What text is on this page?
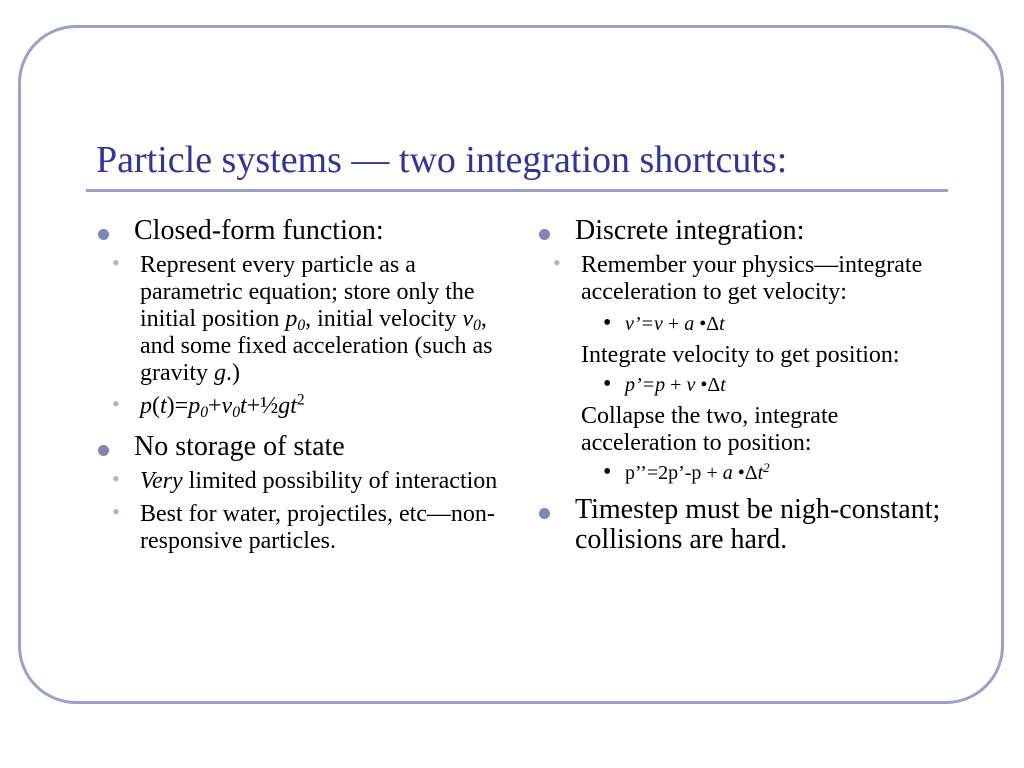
Particle systems — two integration shortcuts:
Closed-form function:
• Represent every particle as a parametric equation; store only the initial position $p_0$, initial velocity $v_0$, and some fixed acceleration (such as gravity g.)
• $p(t)=p_0+v_0t+\frac{1}{2}gt^2$
No storage of state
• Very limited possibility of interaction
• Best for water, projectiles, etc—non-responsive particles.
Discrete integration:
• Remember your physics—integrate acceleration to get velocity:
• v’=v + a •Δt
Integrate velocity to get position:
• p’=p + v •Δt
Collapse the two, integrate acceleration to position:
• p’’=2p’-p + a $•\Delta t^2$
Timestep must be nigh-constant; collisions are hard.
